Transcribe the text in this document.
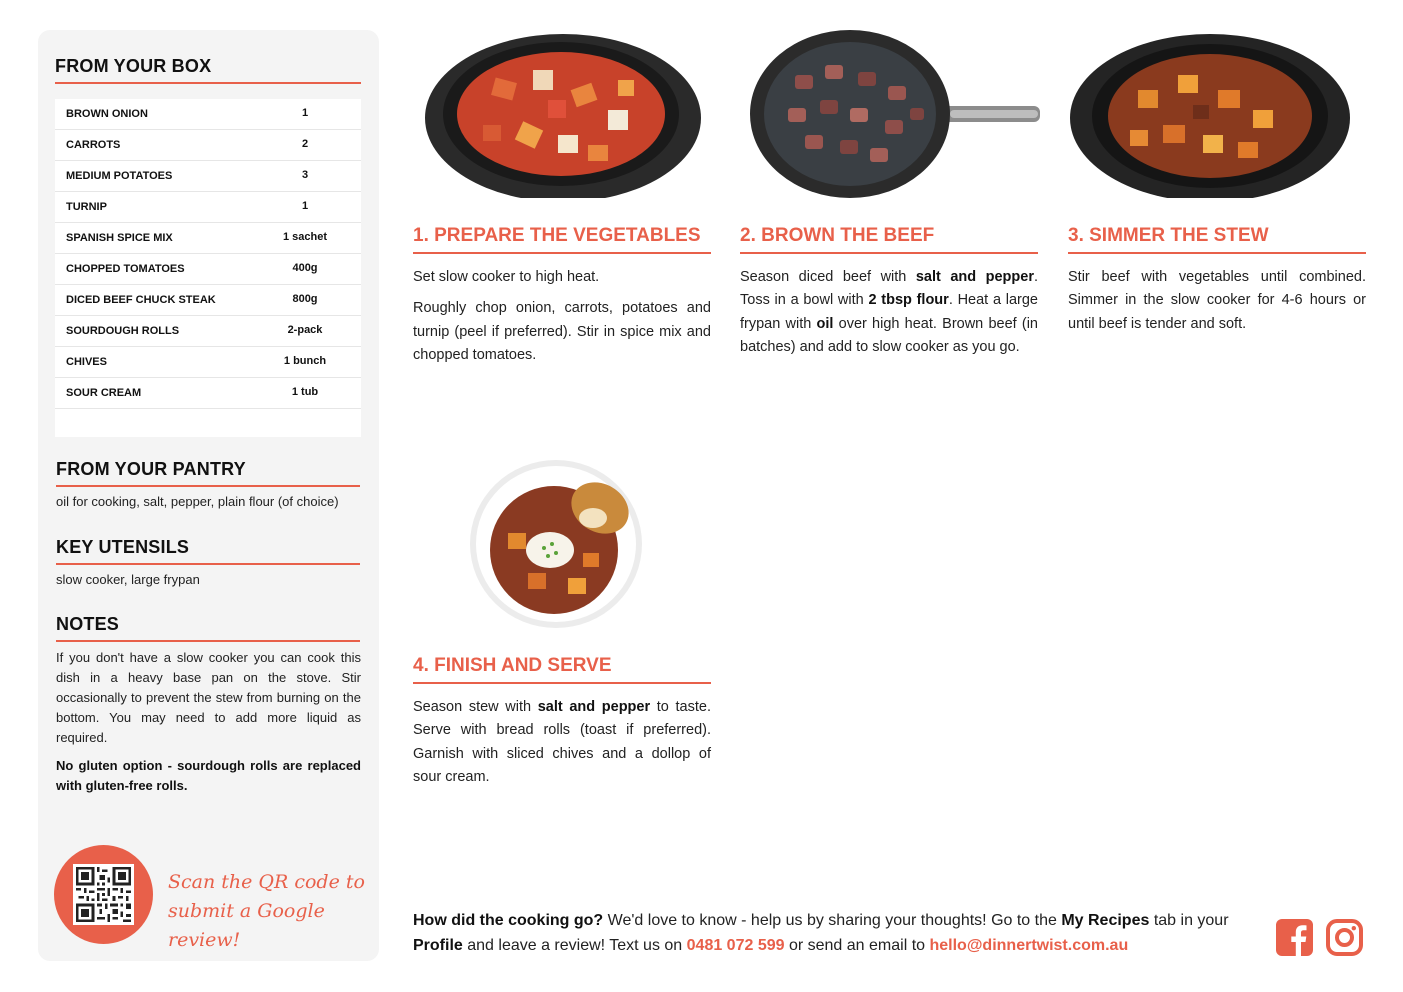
FROM YOUR BOX
BROWN ONION	1
CARROTS	2
MEDIUM POTATOES	3
TURNIP	1
SPANISH SPICE MIX	1 sachet
CHOPPED TOMATOES	400g
DICED BEEF CHUCK STEAK	800g
SOURDOUGH ROLLS	2-pack
CHIVES	1 bunch
SOUR CREAM	1 tub
FROM YOUR PANTRY
oil for cooking, salt, pepper, plain flour (of choice)
KEY UTENSILS
slow cooker, large frypan
NOTES
If you don't have a slow cooker you can cook this dish in a heavy base pan on the stove. Stir occasionally to prevent the stew from burning on the bottom. You may need to add more liquid as required.
No gluten option - sourdough rolls are replaced with gluten-free rolls.
Scan the QR code to
submit a Google review!
1. PREPARE THE VEGETABLES

Set slow cooker to high heat.

Roughly chop onion, carrots, potatoes and turnip (peel if preferred). Stir in spice mix and chopped tomatoes.

2. BROWN THE BEEF

Season diced beef with salt and pepper. Toss in a bowl with 2 tbsp flour. Heat a large frypan with oil over high heat. Brown beef (in batches) and add to slow cooker as you go.

3. SIMMER THE STEW

Stir beef with vegetables until combined. Simmer in the slow cooker for 4-6 hours or until beef is tender and soft.

4. FINISH AND SERVE

Season stew with salt and pepper to taste. Serve with bread rolls (toast if preferred). Garnish with sliced chives and a dollop of sour cream.

How did the cooking go? We'd love to know - help us by sharing your thoughts! Go to the My Recipes tab in your Profile and leave a review! Text us on 0481 072 599 or send an email to hello@dinnertwist.com.au
